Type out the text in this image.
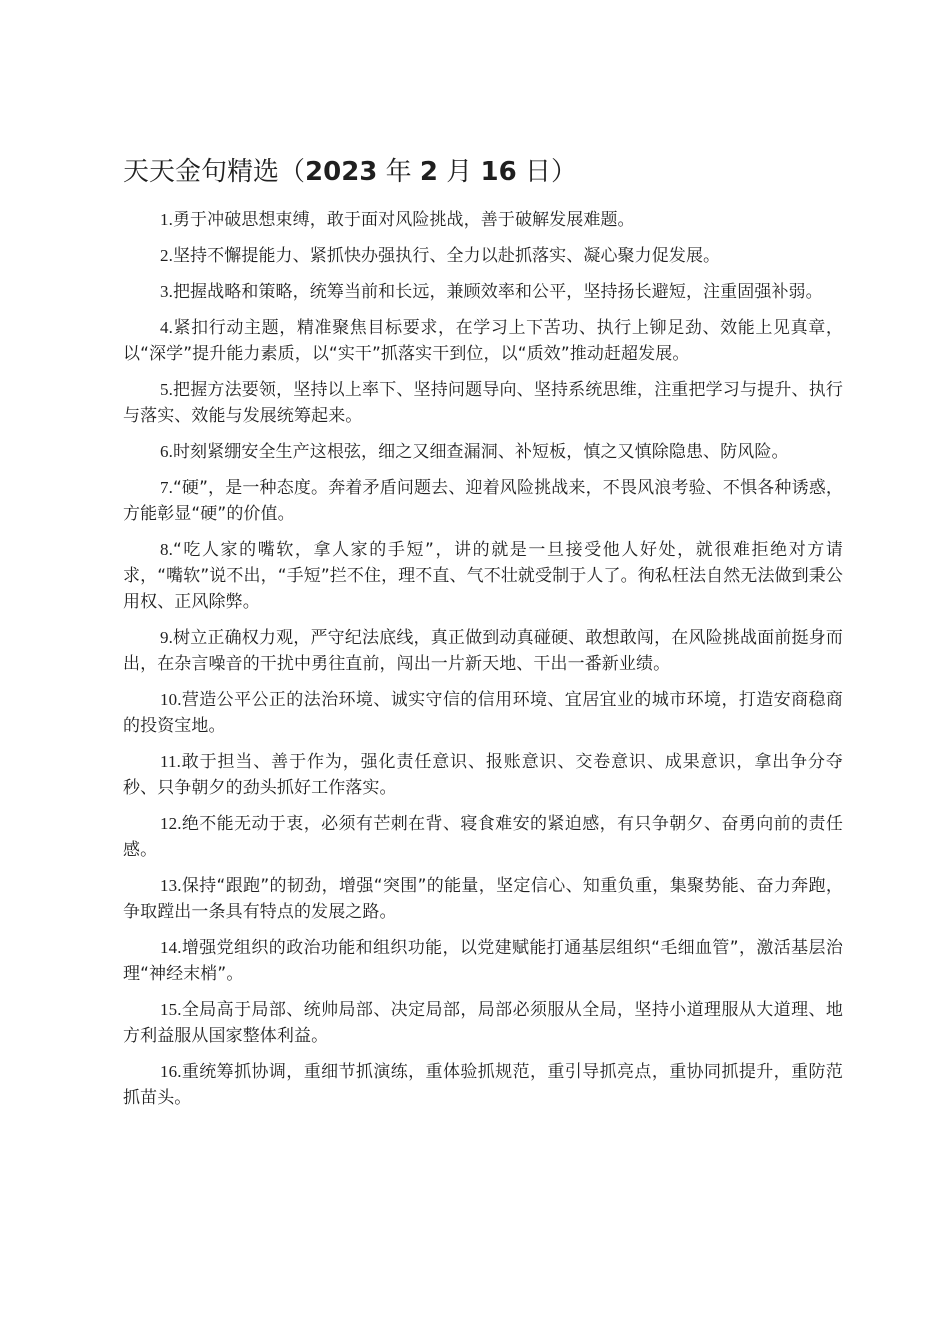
天天金句精选（2023 年 2 月 16 日）

1.勇于冲破思想束缚，敢于面对风险挑战，善于破解发展难题。

2.坚持不懈提能力、紧抓快办强执行、全力以赴抓落实、凝心聚力促发展。

3.把握战略和策略，统筹当前和长远，兼顾效率和公平，坚持扬长避短，注重固强补弱。

4.紧扣行动主题，精准聚焦目标要求，在学习上下苦功、执行上铆足劲、效能上见真章，以“深学”提升能力素质，以“实干”抓落实干到位，以“质效”推动赶超发展。

5.把握方法要领，坚持以上率下、坚持问题导向、坚持系统思维，注重把学习与提升、执行与落实、效能与发展统筹起来。

6.时刻紧绷安全生产这根弦，细之又细查漏洞、补短板，慎之又慎除隐患、防风险。

7.“硬”，是一种态度。奔着矛盾问题去、迎着风险挑战来，不畏风浪考验、不惧各种诱惑，方能彰显“硬”的价值。

8.“吃人家的嘴软，拿人家的手短”，讲的就是一旦接受他人好处，就很难拒绝对方请求，“嘴软”说不出，“手短”拦不住，理不直、气不壮就受制于人了。徇私枉法自然无法做到秉公用权、正风除弊。

9.树立正确权力观，严守纪法底线，真正做到动真碰硬、敢想敢闯，在风险挑战面前挺身而出，在杂言噪音的干扰中勇往直前，闯出一片新天地、干出一番新业绩。

10.营造公平公正的法治环境、诚实守信的信用环境、宜居宜业的城市环境，打造安商稳商的投资宝地。

11.敢于担当、善于作为，强化责任意识、报账意识、交卷意识、成果意识，拿出争分夺秒、只争朝夕的劲头抓好工作落实。

12.绝不能无动于衷，必须有芒刺在背、寝食难安的紧迫感，有只争朝夕、奋勇向前的责任感。

13.保持“跟跑”的韧劲，增强“突围”的能量，坚定信心、知重负重，集聚势能、奋力奔跑，争取蹚出一条具有特点的发展之路。

14.增强党组织的政治功能和组织功能，以党建赋能打通基层组织“毛细血管”，激活基层治理“神经末梢”。

15.全局高于局部、统帅局部、决定局部，局部必须服从全局，坚持小道理服从大道理、地方利益服从国家整体利益。

16.重统筹抓协调，重细节抓演练，重体验抓规范，重引导抓亮点，重协同抓提升，重防范抓苗头。
